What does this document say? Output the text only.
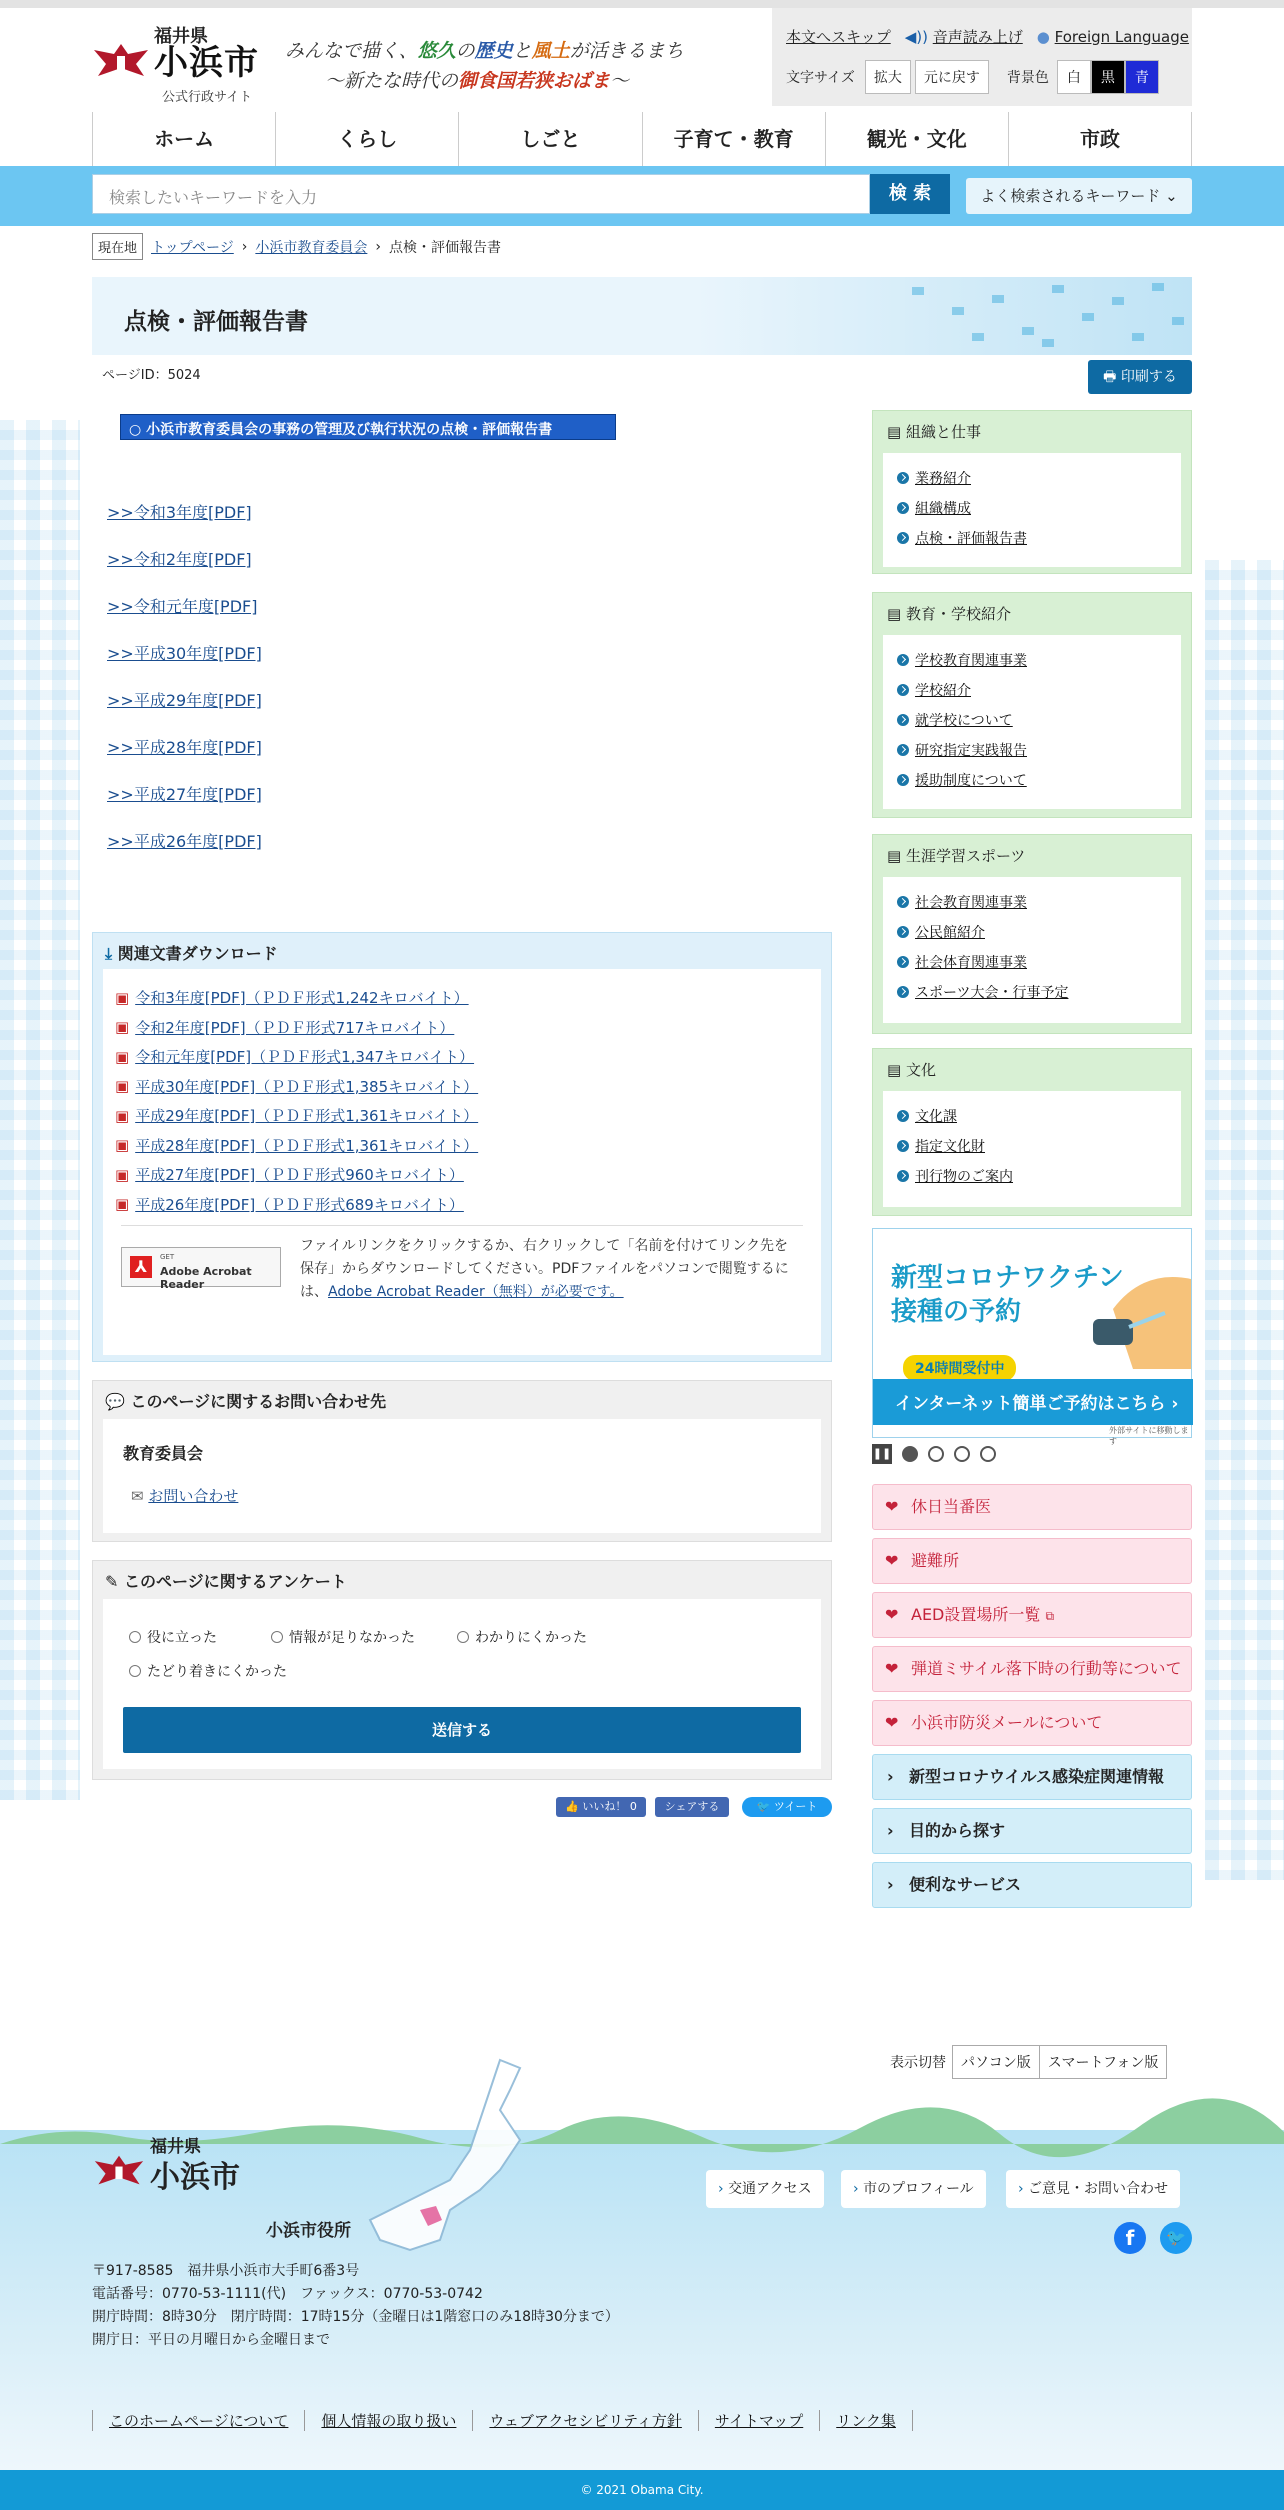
福井県
小浜市
公式行政サイト
みんなで描く、悠久の歴史と風土が活きるまち
〜新たな時代の御食国若狭おばま〜
本文へスキップ ◀)) 音声読み上げ ● Foreign Language
文字サイズ	拡大	元に戻す	背景色	白	黒	青
ホーム	くらし	しごと	子育て・教育	観光・文化	市政
検索したいキーワードを入力	検 索	よく検索されるキーワード ⌄
現在地	トップページ › 小浜市教育委員会 › 点検・評価報告書
点検・評価報告書
ページID：5024	🖶 印刷する
○ 小浜市教育委員会の事務の管理及び執行状況の点検・評価報告書
>>令和3年度[PDF]
>>令和2年度[PDF]
>>令和元年度[PDF]
>>平成30年度[PDF]
>>平成29年度[PDF]
>>平成28年度[PDF]
>>平成27年度[PDF]
>>平成26年度[PDF]
⤓ 関連文書ダウンロード
▣ 令和3年度[PDF]（ＰＤＦ形式1,242キロバイト）
▣ 令和2年度[PDF]（ＰＤＦ形式717キロバイト）
▣ 令和元年度[PDF]（ＰＤＦ形式1,347キロバイト）
▣ 平成30年度[PDF]（ＰＤＦ形式1,385キロバイト）
▣ 平成29年度[PDF]（ＰＤＦ形式1,361キロバイト）
▣ 平成28年度[PDF]（ＰＤＦ形式1,361キロバイト）
▣ 平成27年度[PDF]（ＰＤＦ形式960キロバイト）
▣ 平成26年度[PDF]（ＰＤＦ形式689キロバイト）
⅄	GET
Adobe Acrobat Reader
ファイルリンクをクリックするか、右クリックして「名前を付けてリンク先を保存」からダウンロードしてください。PDFファイルをパソコンで閲覧するには、Adobe Acrobat Reader（無料）が必要です。
💬 このページに関するお問い合わせ先
教育委員会
✉ お問い合わせ
✎ このページに関するアンケート
役に立った	情報が足りなかった	わかりにくかった
たどり着きにくかった
送信する
👍 いいね！ 0	シェアする	🐦 ツイート
▤ 組織と仕事
業務紹介
組織構成
点検・評価報告書
▤ 教育・学校紹介
学校教育関連事業
学校紹介
就学校について
研究指定実践報告
援助制度について
▤ 生涯学習スポーツ
社会教育関連事業
公民館紹介
社会体育関連事業
スポーツ大会・行事予定
▤ 文化
文化課
指定文化財
刊行物のご案内
新型コロナワクチン
接種の予約
24時間受付中
インターネット簡単ご予約はこちら ›
外部サイトに移動します
❚❚
❤ 休日当番医
❤ 避難所
❤ AED設置場所一覧 ⧉
❤ 弾道ミサイル落下時の行動等について
❤ 小浜市防災メールについて
› 新型コロナウイルス感染症関連情報
› 目的から探す
› 便利なサービス
表示切替	パソコン版	スマートフォン版
福井県
小浜市
小浜市役所
› 交通アクセス	› 市のプロフィール	› ご意見・お問い合わせ
f	🐦
〒917-8585　福井県小浜市大手町6番3号
電話番号：0770-53-1111(代)　ファックス：0770-53-0742
開庁時間：8時30分　閉庁時間：17時15分（金曜日は1階窓口のみ18時30分まで）
開庁日：平日の月曜日から金曜日まで
このホームページについて	個人情報の取り扱い	ウェブアクセシビリティ方針	サイトマップ	リンク集
© 2021 Obama City.
